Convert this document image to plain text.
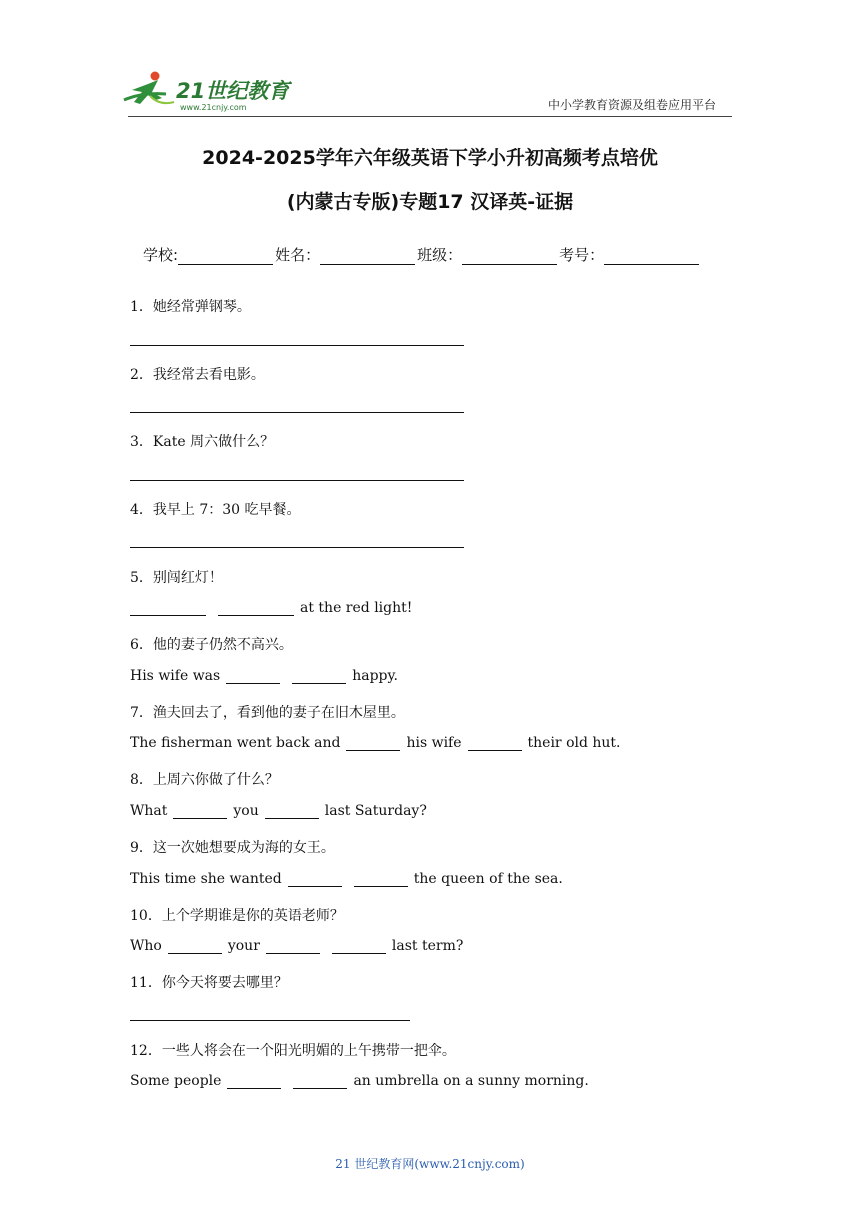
21世纪教育
www.21cnjy.com	中小学教育资源及组卷应用平台
2024-2025学年六年级英语下学小升初高频考点培优
(内蒙古专版)专题17 汉译英-证据
学校:	姓名：	班级：	考号：
1．她经常弹钢琴。
2．我经常去看电影。
3．Kate 周六做什么？
4．我早上 7：30 吃早餐。
5．别闯红灯！
at the red light!
6．他的妻子仍然不高兴。
His wife was	happy.
7．渔夫回去了，看到他的妻子在旧木屋里。
The fisherman went back and	his wife	their old hut.
8．上周六你做了什么？
What	you	last Saturday?
9．这一次她想要成为海的女王。
This time she wanted	the queen of the sea.
10．上个学期谁是你的英语老师？
Who	your	last term?
11．你今天将要去哪里？
12．一些人将会在一个阳光明媚的上午携带一把伞。
Some people	an umbrella on a sunny morning.
21 世纪教育网(www.21cnjy.com)
